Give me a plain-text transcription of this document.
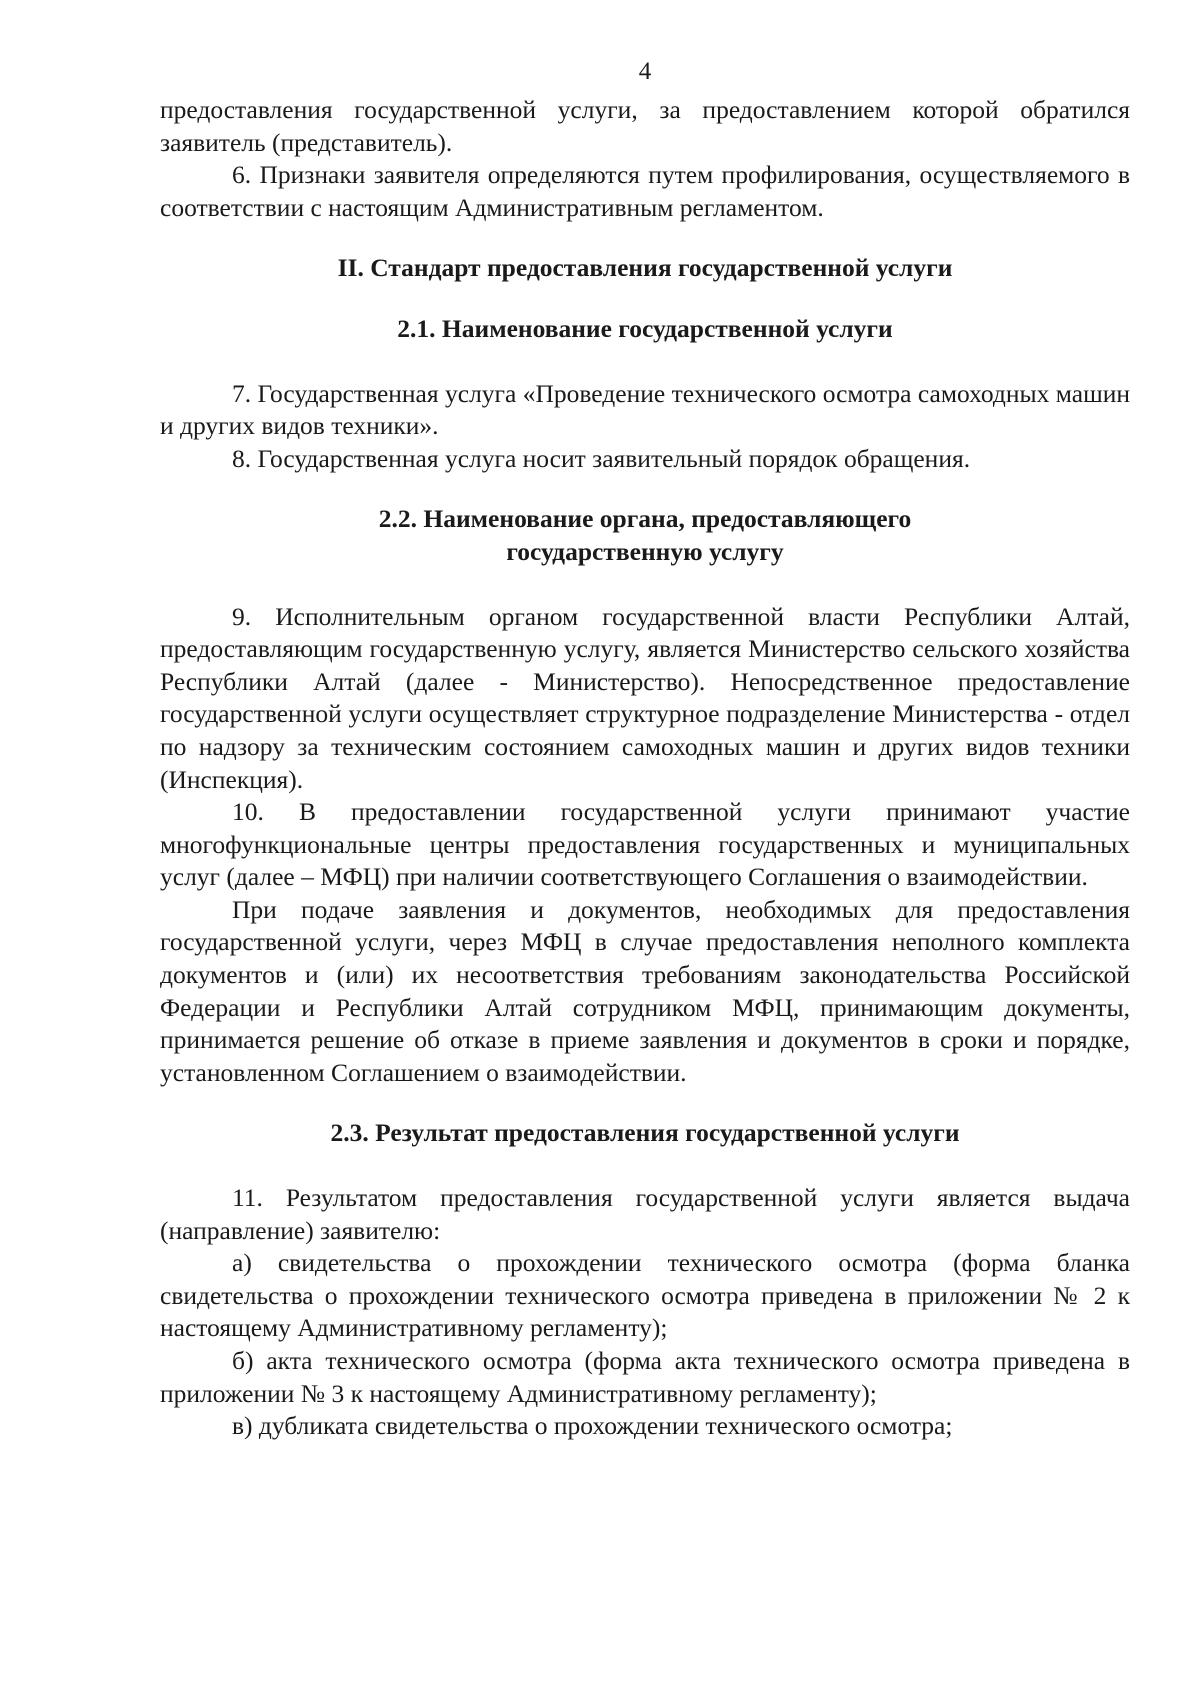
4

предоставления государственной услуги, за предоставлением которой обратился заявитель (представитель).

6. Признаки заявителя определяются путем профилирования, осуществляемого в соответствии с настоящим Административным регламентом.

II. Стандарт предоставления государственной услуги
2.1. Наименование государственной услуги

7. Государственная услуга «Проведение технического осмотра самоходных машин и других видов техники».

8. Государственная услуга носит заявительный порядок обращения.

2.2. Наименование органа, предоставляющего
государственную услугу

9. Исполнительным органом государственной власти Республики Алтай, предоставляющим государственную услугу, является Министерство сельского хозяйства Республики Алтай (далее - Министерство). Непосредственное предоставление государственной услуги осуществляет структурное подразделение Министерства - отдел по надзору за техническим состоянием самоходных машин и других видов техники (Инспекция).

10. В предоставлении государственной услуги принимают участие многофункциональные центры предоставления государственных и муниципальных услуг (далее – МФЦ) при наличии соответствующего Соглашения о взаимодействии.

При подаче заявления и документов, необходимых для предоставления государственной услуги, через МФЦ в случае предоставления неполного комплекта документов и (или) их несоответствия требованиям законодательства Российской Федерации и Республики Алтай сотрудником МФЦ, принимающим документы, принимается решение об отказе в приеме заявления и документов в сроки и порядке, установленном Соглашением о взаимодействии.

2.3. Результат предоставления государственной услуги

11. Результатом предоставления государственной услуги является выдача (направление) заявителю:

а) свидетельства о прохождении технического осмотра (форма бланка свидетельства о прохождении технического осмотра приведена в приложении № 2 к настоящему Административному регламенту);

б) акта технического осмотра (форма акта технического осмотра приведена в приложении № 3 к настоящему Административному регламенту);

в) дубликата свидетельства о прохождении технического осмотра;
